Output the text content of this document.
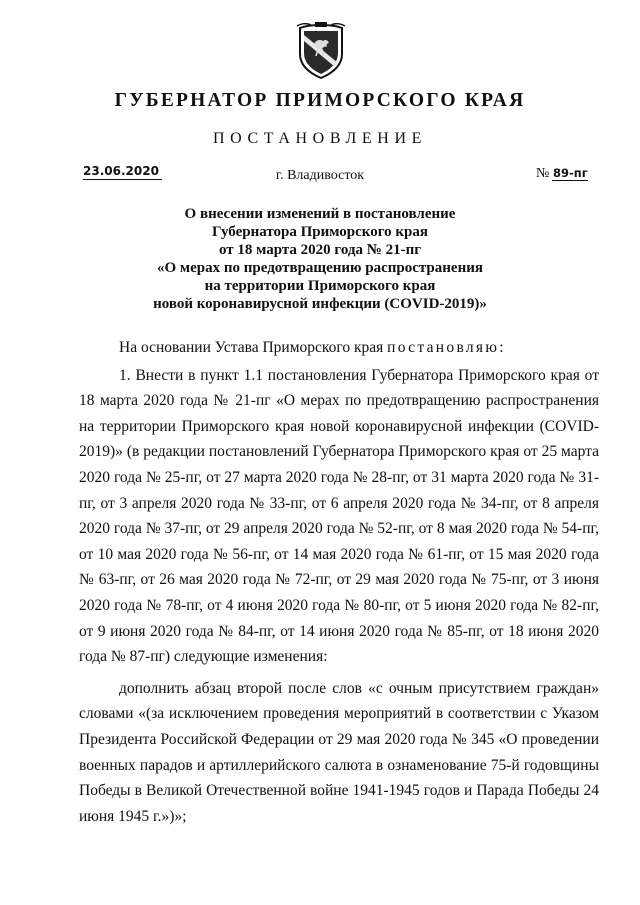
ГУБЕРНАТОР ПРИМОРСКОГО КРАЯ
ПОСТАНОВЛЕНИЕ
23.06.2020	г. Владивосток	№ 89-пг
О внесении изменений в постановление
Губернатора Приморского края
от 18 марта 2020 года № 21-пг
«О мерах по предотвращению распространения
на территории Приморского края
новой коронавирусной инфекции (COVID-2019)»

На основании Устава Приморского края постановляю:

1. Внести в пункт 1.1 постановления Губернатора Приморского края от 18 марта 2020 года № 21-пг «О мерах по предотвращению распространения на территории Приморского края новой коронавирусной инфекции (COVID-2019)» (в редакции постановлений Губернатора Приморского края от 25 марта 2020 года № 25-пг, от 27 марта 2020 года № 28-пг, от 31 марта 2020 года № 31-пг, от 3 апреля 2020 года № 33-пг, от 6 апреля 2020 года № 34-пг, от 8 апреля 2020 года № 37-пг, от 29 апреля 2020 года № 52-пг, от 8 мая 2020 года № 54-пг, от 10 мая 2020 года № 56-пг, от 14 мая 2020 года № 61-пг, от 15 мая 2020 года № 63-пг, от 26 мая 2020 года № 72-пг, от 29 мая 2020 года № 75-пг, от 3 июня 2020 года № 78-пг, от 4 июня 2020 года № 80-пг, от 5 июня 2020 года № 82-пг, от 9 июня 2020 года № 84-пг, от 14 июня 2020 года № 85-пг, от 18 июня 2020 года № 87-пг) следующие изменения:

дополнить абзац второй после слов «с очным присутствием граждан» словами «(за исключением проведения мероприятий в соответствии с Указом Президента Российской Федерации от 29 мая 2020 года № 345 «О проведении военных парадов и артиллерийского салюта в ознаменование 75-й годовщины Победы в Великой Отечественной войне 1941-1945 годов и Парада Победы 24 июня 1945 г.»)»;
